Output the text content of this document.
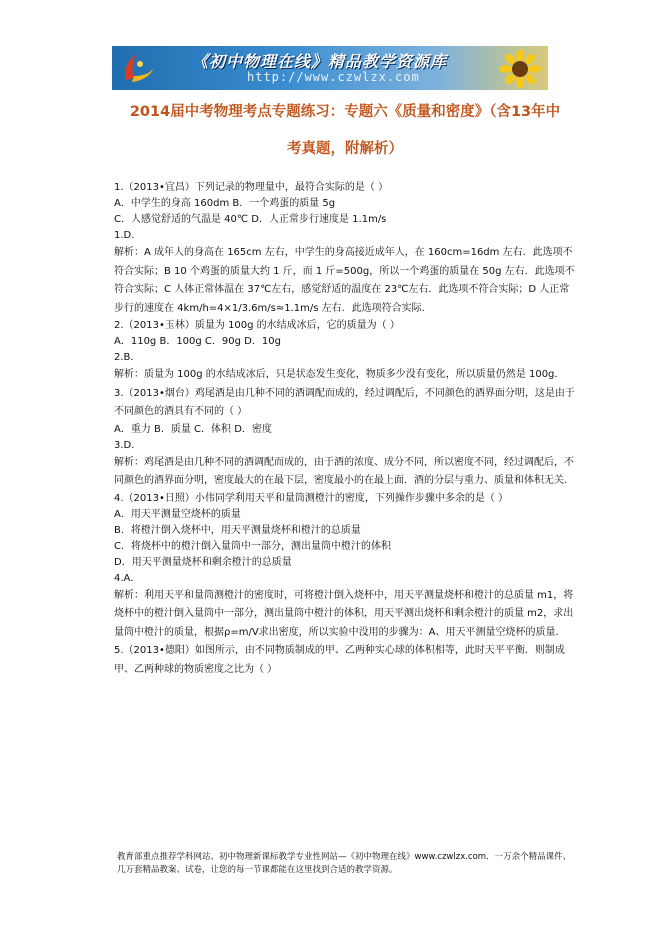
《初中物理在线》精品教学资源库
http://www.czwlzx.com
2014届中考物理考点专题练习：专题六《质量和密度》（含13年中
考真题，附解析）
1.（2013•宜昌）下列记录的物理量中，最符合实际的是（ ）
A．中学生的身高 160dm B．一个鸡蛋的质量 5g
C．人感觉舒适的气温是 40℃ D．人正常步行速度是 1.1m/s
1.D．
解析：A 成年人的身高在 165cm 左右，中学生的身高接近成年人，在 160cm=16dm 左右．此选项不符合实际；B 10 个鸡蛋的质量大约 1 斤，而 1 斤=500g，所以一个鸡蛋的质量在 50g 左右．此选项不符合实际；C 人体正常体温在 37℃左右，感觉舒适的温度在 23℃左右．此选项不符合实际；D 人正常步行的速度在 4km/h=4×1/3.6m/s≈1.1m/s 左右．此选项符合实际．
2.（2013•玉林）质量为 100g 的水结成冰后，它的质量为（ ）
A．110g B．100g C．90g D．10g
2.B．
解析：质量为 100g 的水结成冰后，只是状态发生变化，物质多少没有变化，所以质量仍然是 100g．
3.（2013•烟台）鸡尾酒是由几种不同的酒调配而成的，经过调配后，不同颜色的酒界面分明，这是由于不同颜色的酒具有不同的（ ）
A．重力 B．质量 C．体积 D．密度
3.D．
解析：鸡尾酒是由几种不同的酒调配而成的，由于酒的浓度、成分不同，所以密度不同，经过调配后，不同颜色的酒界面分明，密度最大的在最下层，密度最小的在最上面．酒的分层与重力、质量和体积无关．
4.（2013•日照）小伟同学利用天平和量筒测橙汁的密度，下列操作步骤中多余的是（ ）
A．用天平测量空烧杯的质量
B．将橙汁倒入烧杯中，用天平测量烧杯和橙汁的总质量
C．将烧杯中的橙汁倒入量筒中一部分，测出量筒中橙汁的体积
D．用天平测量烧杯和剩余橙汁的总质量
4.A．
解析：利用天平和量筒测橙汁的密度时，可将橙汁倒入烧杯中，用天平测量烧杯和橙汁的总质量 m1，将烧杯中的橙汁倒入量筒中一部分，测出量筒中橙汁的体积，用天平测出烧杯和剩余橙汁的质量 m2，求出量筒中橙汁的质量，根据ρ=m/V求出密度，所以实验中没用的步骤为：A、用天平测量空烧杯的质量．
5.（2013•德阳）如图所示，由不同物质制成的甲、乙两种实心球的体积相等，此时天平平衡．则制成甲、乙两种球的物质密度之比为（ ）
教育部重点推荐学科网站、初中物理新课标教学专业性网站—《初中物理在线》www.czwlzx.com．一万余个精品课件、几万套精品教案、试卷，让您的每一节课都能在这里找到合适的教学资源。
